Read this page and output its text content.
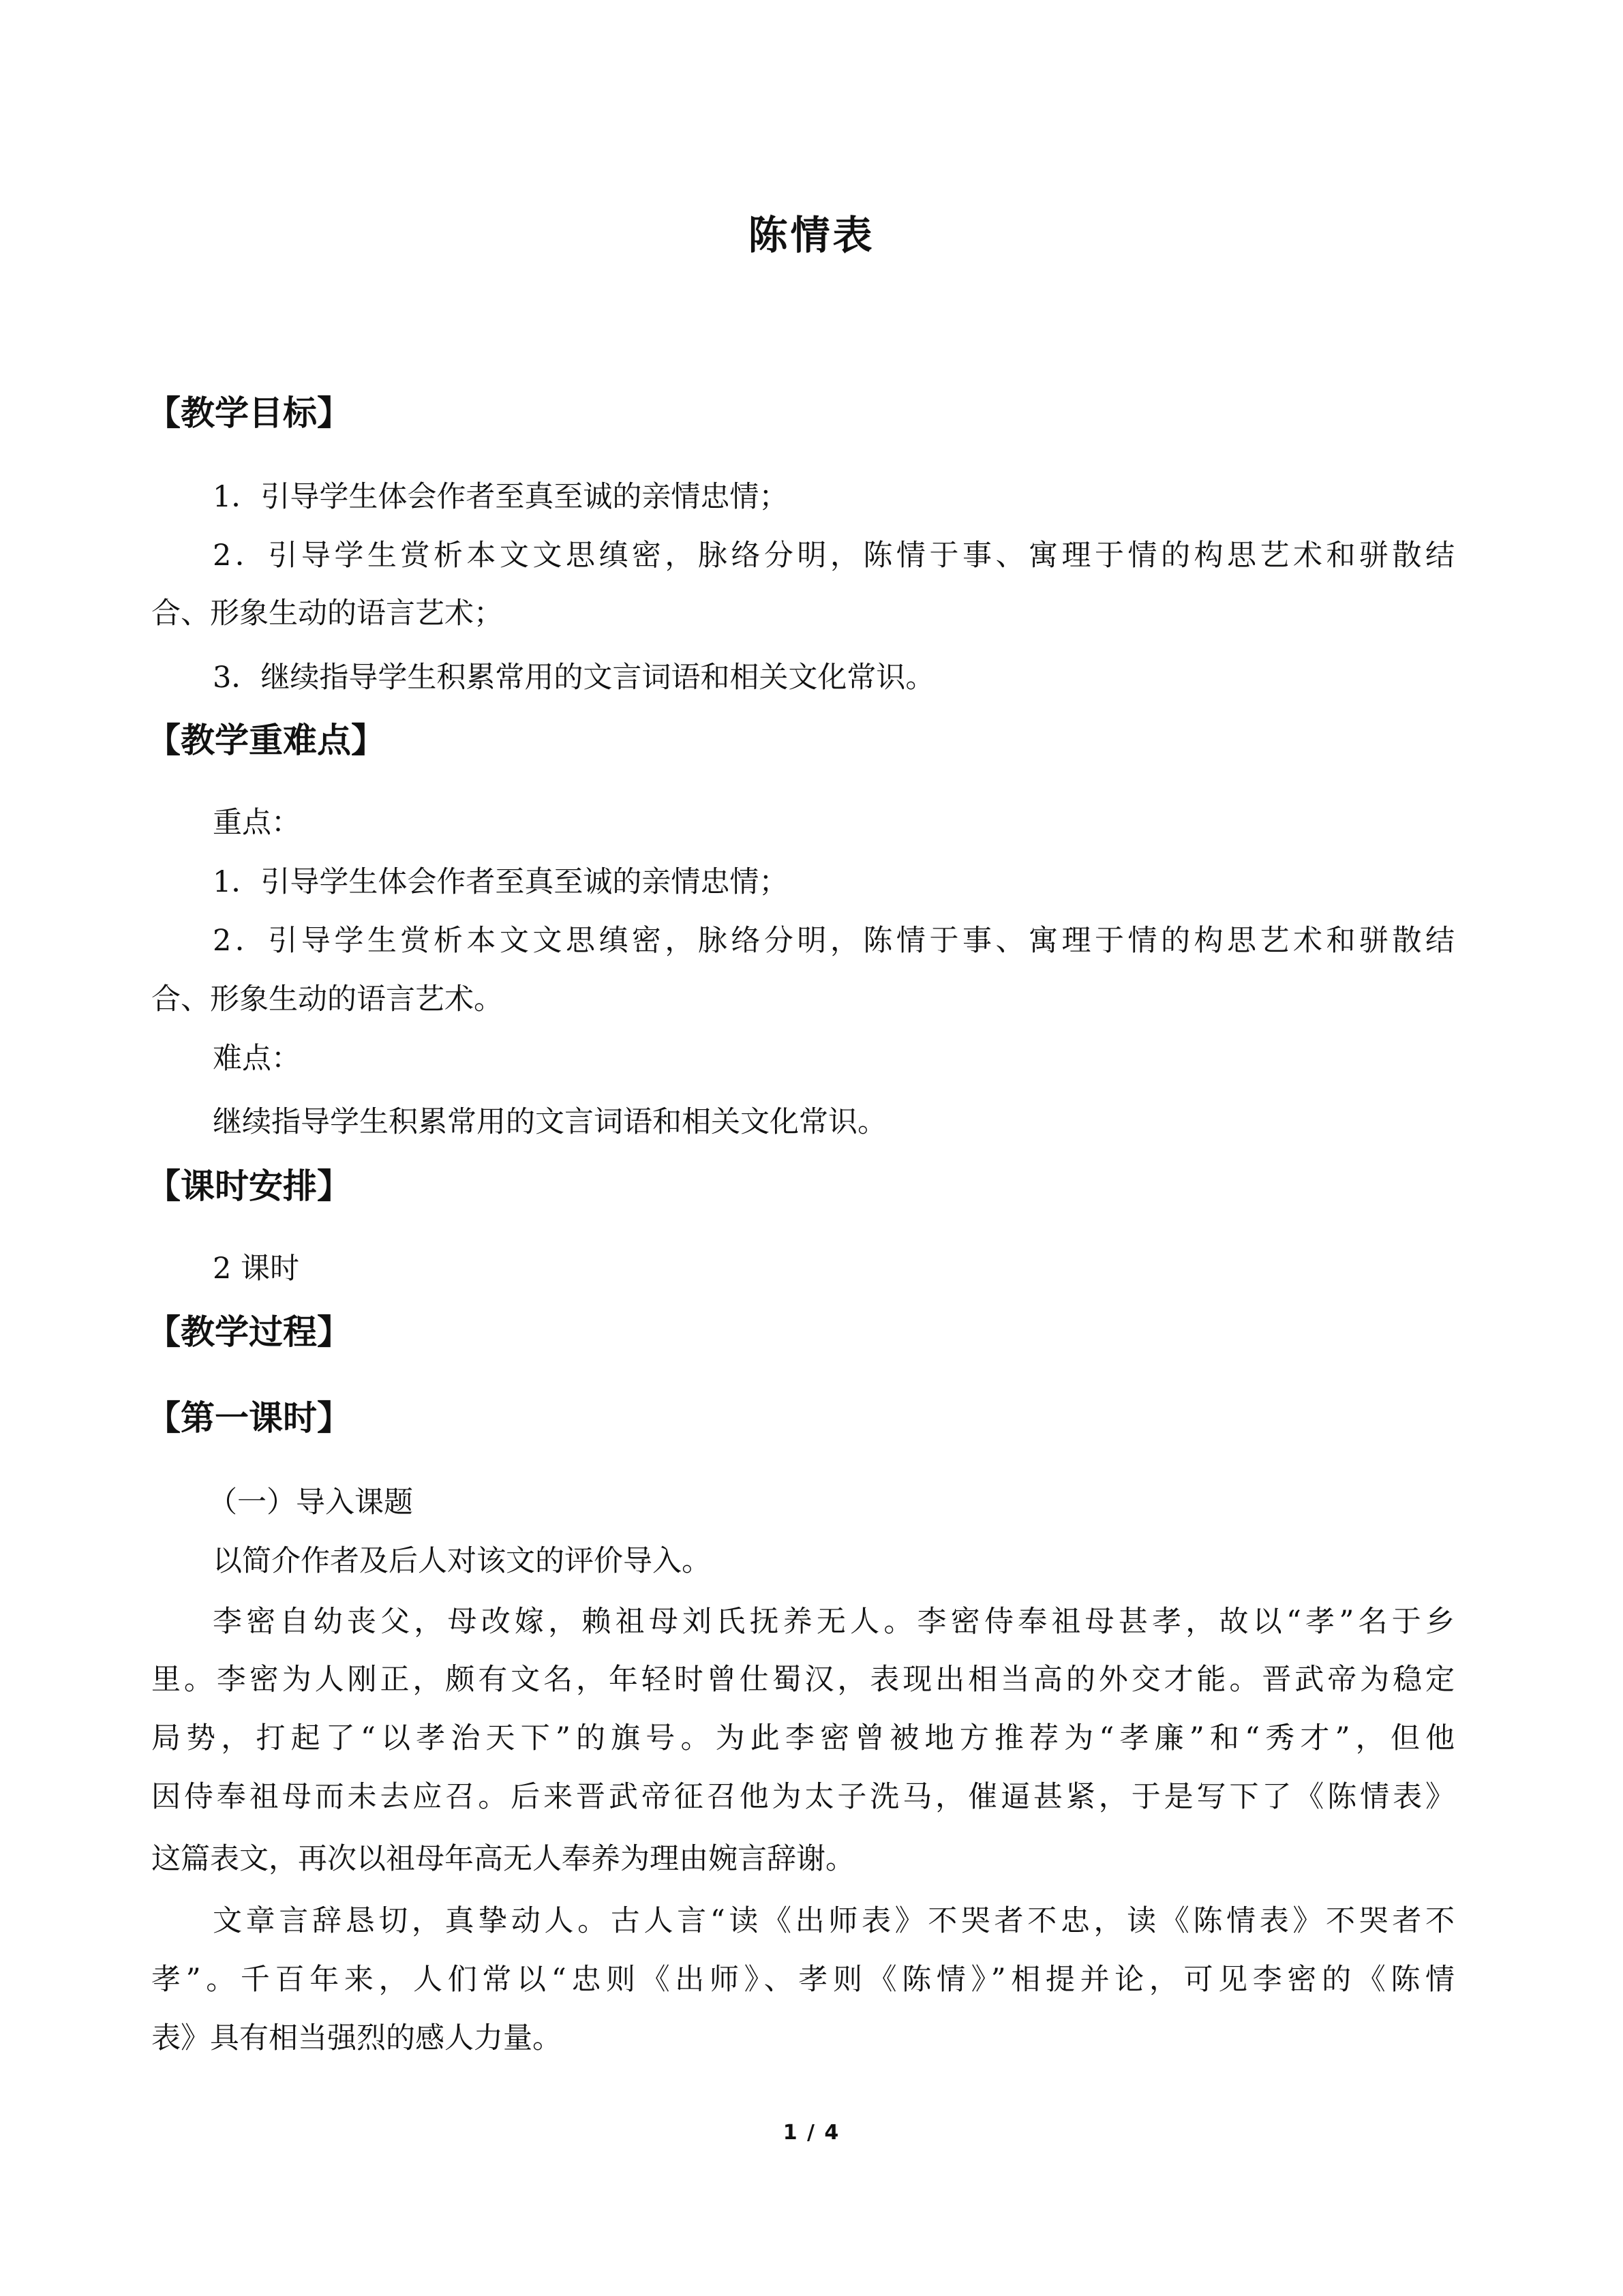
陈情表
【教学目标】
1．引导学生体会作者至真至诚的亲情忠情；
2．引导学生赏析本文文思缜密，脉络分明，陈情于事、寓理于情的构思艺术和骈散结
合、形象生动的语言艺术；
3．继续指导学生积累常用的文言词语和相关文化常识。
【教学重难点】
重点：
1．引导学生体会作者至真至诚的亲情忠情；
2．引导学生赏析本文文思缜密，脉络分明，陈情于事、寓理于情的构思艺术和骈散结
合、形象生动的语言艺术。
难点：
继续指导学生积累常用的文言词语和相关文化常识。
【课时安排】
2 课时
【教学过程】
【第一课时】
（一）导入课题
以简介作者及后人对该文的评价导入。
李密自幼丧父，母改嫁，赖祖母刘氏抚养无人。李密侍奉祖母甚孝，故以“孝”名于乡
里。李密为人刚正，颇有文名，年轻时曾仕蜀汉，表现出相当高的外交才能。晋武帝为稳定
局势，打起了“以孝治天下”的旗号。为此李密曾被地方推荐为“孝廉”和“秀才”，但他
因侍奉祖母而未去应召。后来晋武帝征召他为太子洗马，催逼甚紧，于是写下了《陈情表》
这篇表文，再次以祖母年高无人奉养为理由婉言辞谢。
文章言辞恳切，真挚动人。古人言“读《出师表》不哭者不忠，读《陈情表》不哭者不
孝”。千百年来，人们常以“忠则《出师》、孝则《陈情》”相提并论，可见李密的《陈情
表》具有相当强烈的感人力量。
1 / 4
